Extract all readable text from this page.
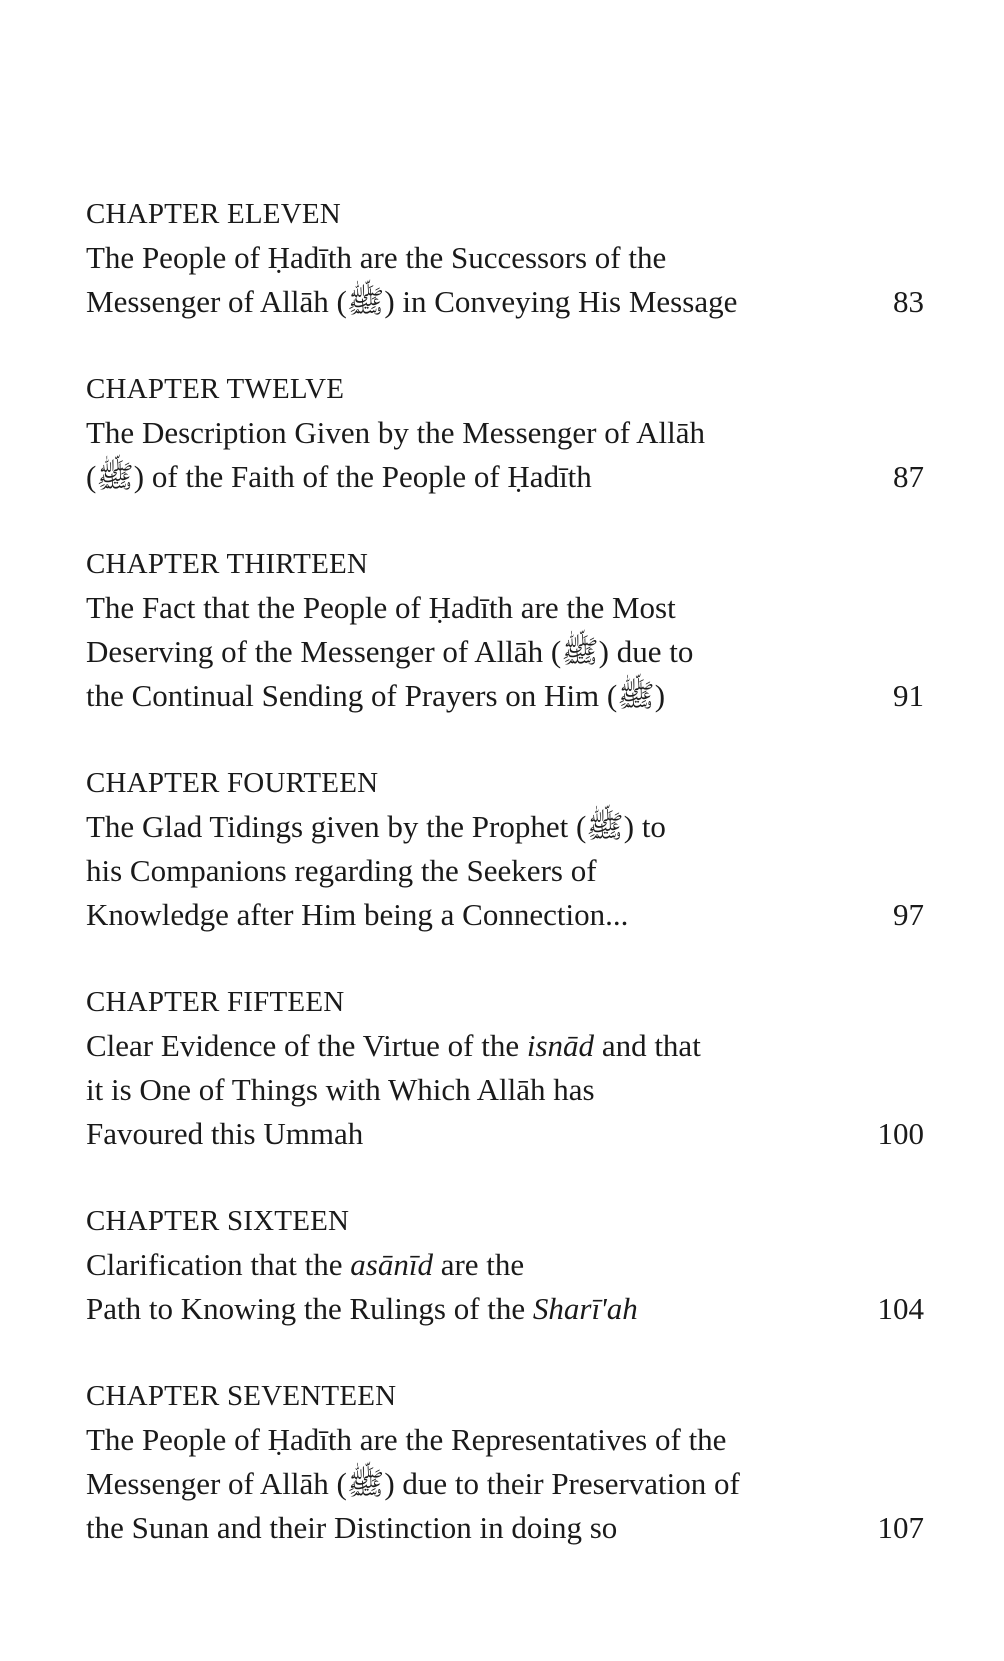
CHAPTER ELEVEN
The People of Ḥadīth are the Successors of the
Messenger of Allāh (ﷺ) in Conveying His Message	83
CHAPTER TWELVE
The Description Given by the Messenger of Allāh
(ﷺ) of the Faith of the People of Ḥadīth	87
CHAPTER THIRTEEN
The Fact that the People of Ḥadīth are the Most
Deserving of the Messenger of Allāh (ﷺ) due to
the Continual Sending of Prayers on Him (ﷺ)	91
CHAPTER FOURTEEN
The Glad Tidings given by the Prophet (ﷺ) to
his Companions regarding the Seekers of
Knowledge after Him being a Connection...	97
CHAPTER FIFTEEN
Clear Evidence of the Virtue of the isnād and that
it is One of Things with Which Allāh has
Favoured this Ummah	100
CHAPTER SIXTEEN
Clarification that the asānīd are the
Path to Knowing the Rulings of the Sharī'ah	104
CHAPTER SEVENTEEN
The People of Ḥadīth are the Representatives of the
Messenger of Allāh (ﷺ) due to their Preservation of
the Sunan and their Distinction in doing so	107
